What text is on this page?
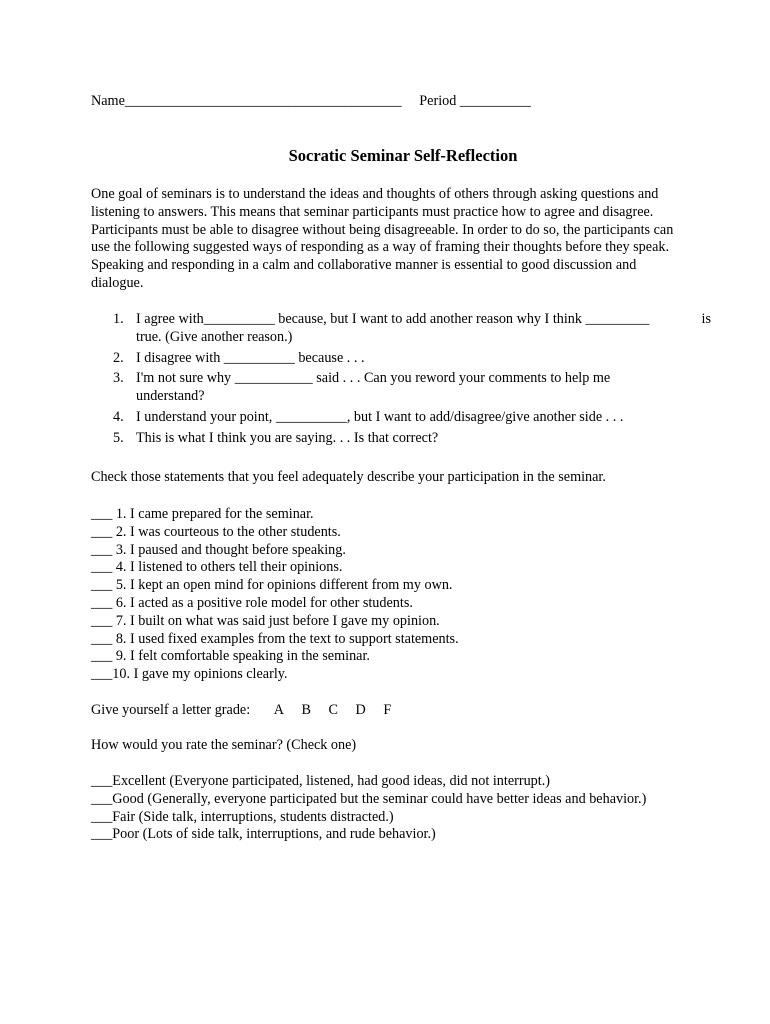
Name_______________________________________ Period __________
Socratic Seminar Self-Reflection

One goal of seminars is to understand the ideas and thoughts of others through asking questions and

listening to answers. This means that seminar participants must practice how to agree and disagree.

Participants must be able to disagree without being disagreeable. In order to do so, the participants can

use the following suggested ways of responding as a way of framing their thoughts before they speak.

Speaking and responding in a calm and collaborative manner is essential to good discussion and

dialogue.

1. I agree with__________ because, but I want to add another reason why I think _________	is
true. (Give another reason.)
2. I disagree with __________ because . . .
3. I'm not sure why ___________ said . . . Can you reword your comments to help me
understand?
4. I understand your point, __________, but I want to add/disagree/give another side . . .
5. This is what I think you are saying. . . Is that correct?
Check those statements that you feel adequately describe your participation in the seminar.
___ 1. I came prepared for the seminar.
___ 2. I was courteous to the other students.
___ 3. I paused and thought before speaking.
___ 4. I listened to others tell their opinions.
___ 5. I kept an open mind for opinions different from my own.
___ 6. I acted as a positive role model for other students.
___ 7. I built on what was said just before I gave my opinion.
___ 8. I used fixed examples from the text to support statements.
___ 9. I felt comfortable speaking in the seminar.
___10. I gave my opinions clearly.
Give yourself a letter grade: A B C D F
How would you rate the seminar? (Check one)
___Excellent (Everyone participated, listened, had good ideas, did not interrupt.)
___Good (Generally, everyone participated but the seminar could have better ideas and behavior.)
___Fair (Side talk, interruptions, students distracted.)
___Poor (Lots of side talk, interruptions, and rude behavior.)
